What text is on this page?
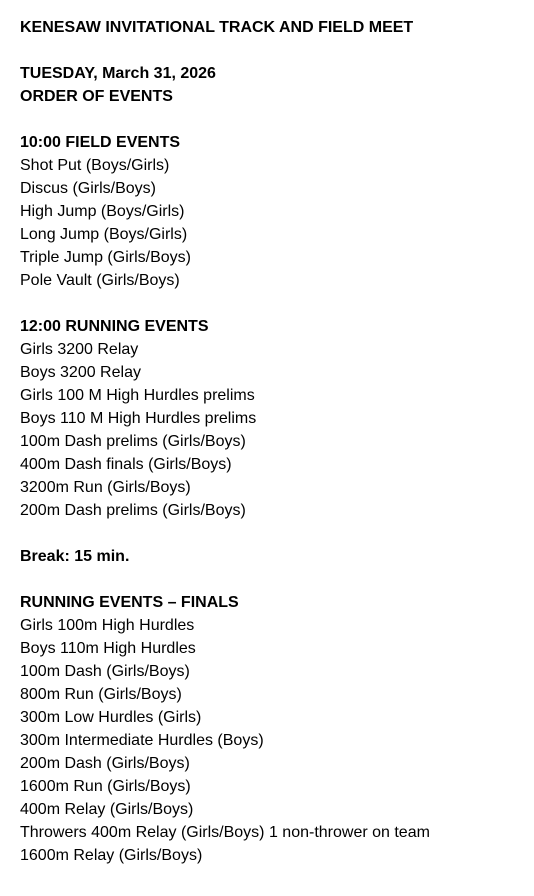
KENESAW INVITATIONAL TRACK AND FIELD MEET
TUESDAY, March 31, 2026
ORDER OF EVENTS
10:00 FIELD EVENTS
Shot Put (Boys/Girls)
Discus (Girls/Boys)
High Jump (Boys/Girls)
Long Jump (Boys/Girls)
Triple Jump (Girls/Boys)
Pole Vault (Girls/Boys)
12:00 RUNNING EVENTS
Girls 3200 Relay
Boys 3200 Relay
Girls 100 M High Hurdles prelims
Boys 110 M High Hurdles prelims
100m Dash prelims (Girls/Boys)
400m Dash finals (Girls/Boys)
3200m Run (Girls/Boys)
200m Dash prelims (Girls/Boys)
Break: 15 min.
RUNNING EVENTS – FINALS
Girls 100m High Hurdles
Boys 110m High Hurdles
100m Dash (Girls/Boys)
800m Run (Girls/Boys)
300m Low Hurdles (Girls)
300m Intermediate Hurdles (Boys)
200m Dash (Girls/Boys)
1600m Run (Girls/Boys)
400m Relay (Girls/Boys)
Throwers 400m Relay (Girls/Boys) 1 non-thrower on team
1600m Relay (Girls/Boys)
